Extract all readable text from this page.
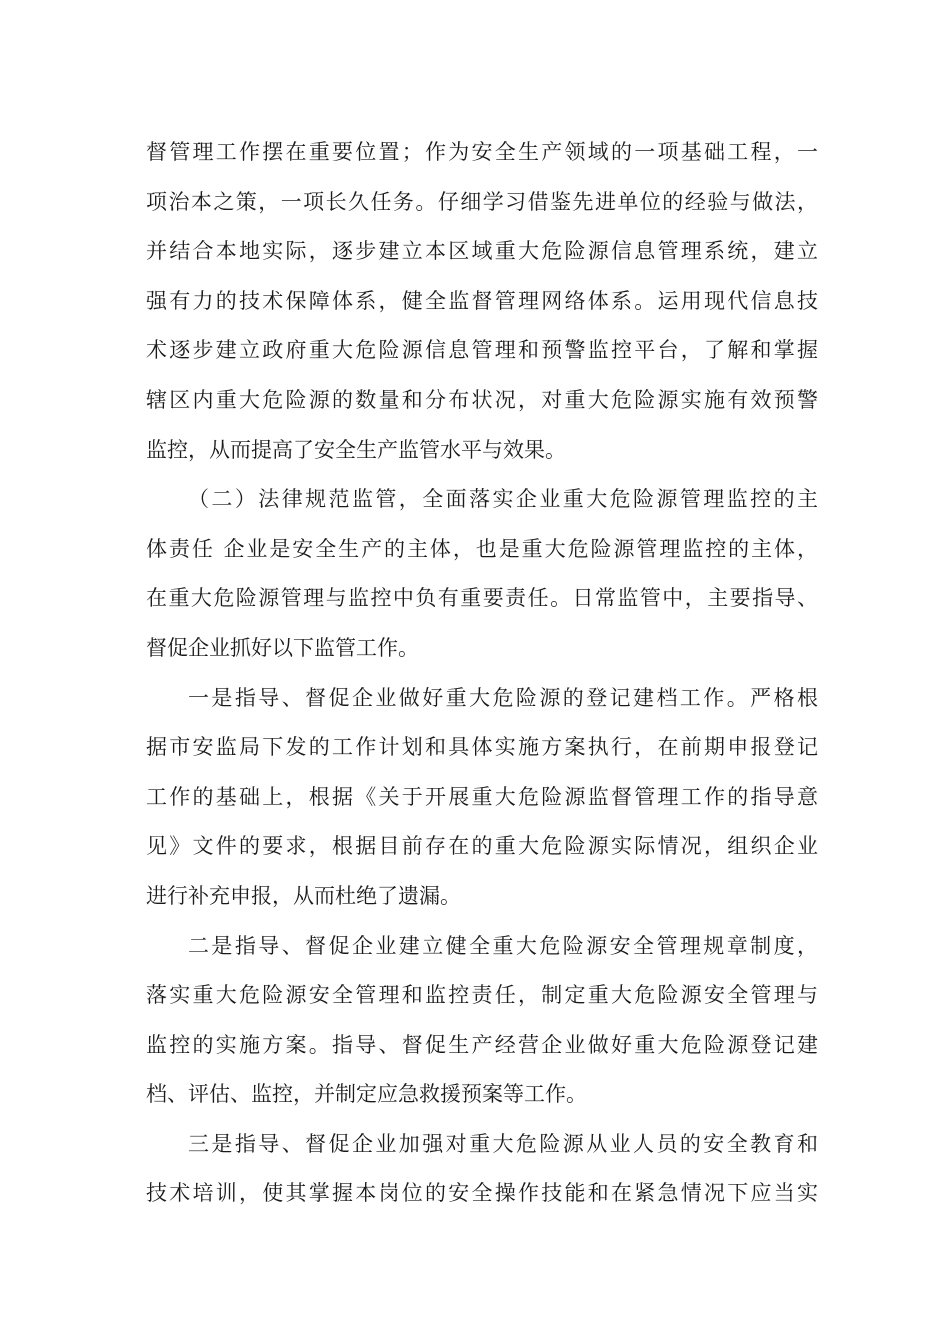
督管理工作摆在重要位置；作为安全生产领域的一项基础工程，一
项治本之策，一项长久任务。仔细学习借鉴先进单位的经验与做法，
并结合本地实际，逐步建立本区域重大危险源信息管理系统，建立
强有力的技术保障体系，健全监督管理网络体系。运用现代信息技
术逐步建立政府重大危险源信息管理和预警监控平台，了解和掌握
辖区内重大危险源的数量和分布状况，对重大危险源实施有效预警
监控，从而提高了安全生产监管水平与效果。
（二）法律规范监管，全面落实企业重大危险源管理监控的主
体责任 企业是安全生产的主体，也是重大危险源管理监控的主体，
在重大危险源管理与监控中负有重要责任。日常监管中，主要指导、
督促企业抓好以下监管工作。
一是指导、督促企业做好重大危险源的登记建档工作。严格根
据市安监局下发的工作计划和具体实施方案执行，在前期申报登记
工作的基础上，根据《关于开展重大危险源监督管理工作的指导意
见》文件的要求，根据目前存在的重大危险源实际情况，组织企业
进行补充申报，从而杜绝了遗漏。
二是指导、督促企业建立健全重大危险源安全管理规章制度，
落实重大危险源安全管理和监控责任，制定重大危险源安全管理与
监控的实施方案。指导、督促生产经营企业做好重大危险源登记建
档、评估、监控，并制定应急救援预案等工作。
三是指导、督促企业加强对重大危险源从业人员的安全教育和
技术培训，使其掌握本岗位的安全操作技能和在紧急情况下应当实
